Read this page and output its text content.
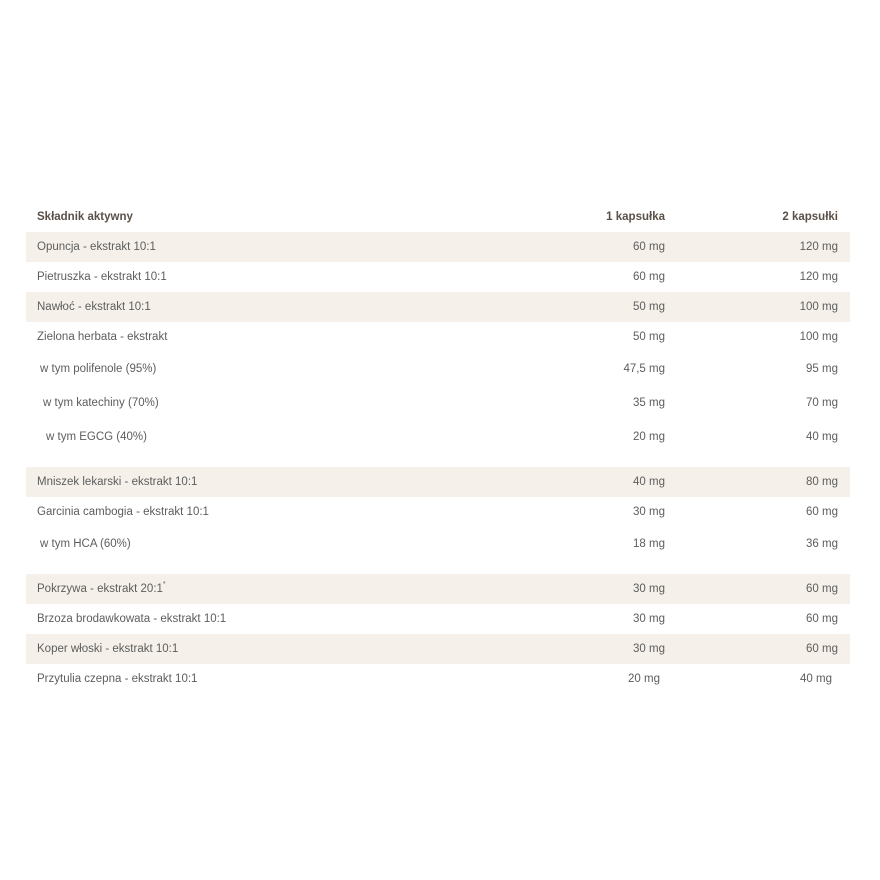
Składnik aktywny	1 kapsułka	2 kapsułki
Opuncja - ekstrakt 10:1	60 mg	120 mg
Pietruszka - ekstrakt 10:1	60 mg	120 mg
Nawłoć - ekstrakt 10:1	50 mg	100 mg
Zielona herbata - ekstrakt	50 mg	100 mg
w tym polifenole (95%)	47,5 mg	95 mg
w tym katechiny (70%)	35 mg	70 mg
w tym EGCG (40%)	20 mg	40 mg
Mniszek lekarski - ekstrakt 10:1	40 mg	80 mg
Garcinia cambogia - ekstrakt 10:1	30 mg	60 mg
w tym HCA (60%)	18 mg	36 mg
Pokrzywa - ekstrakt 20:1*	30 mg	60 mg
Brzoza brodawkowata - ekstrakt 10:1	30 mg	60 mg
Koper włoski - ekstrakt 10:1	30 mg	60 mg
Przytulia czepna - ekstrakt 10:1	20 mg	40 mg
